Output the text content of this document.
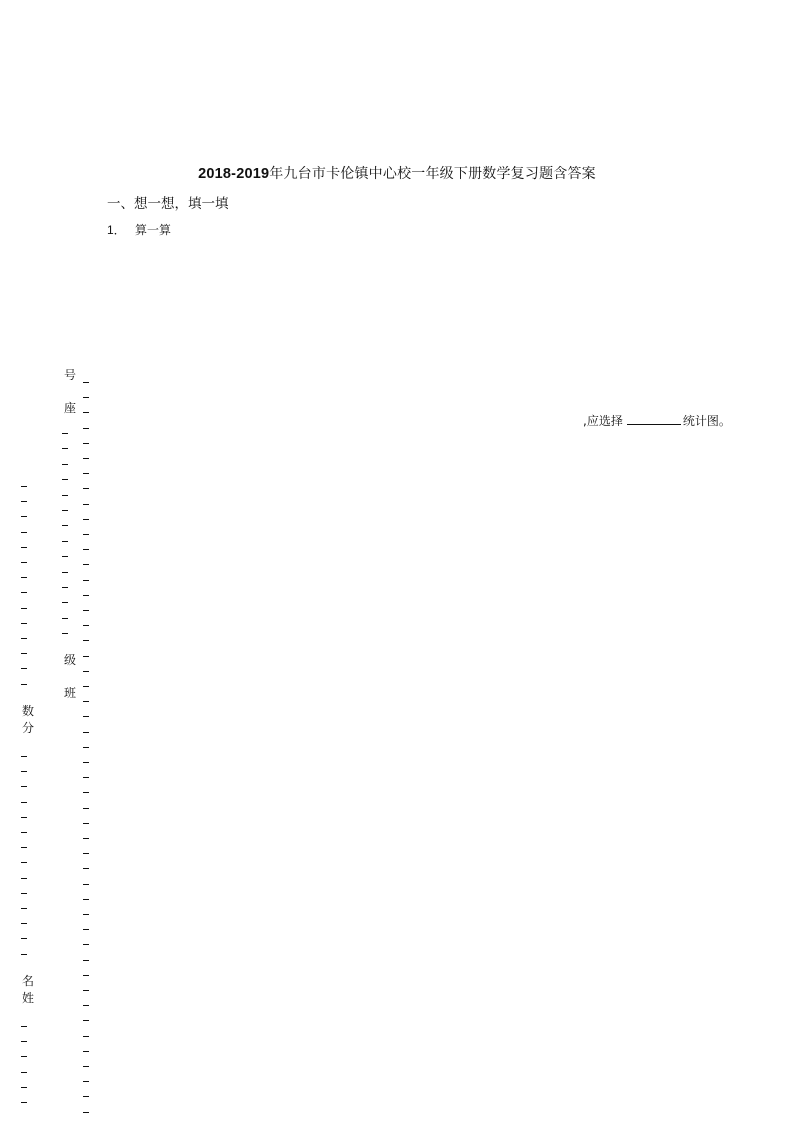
2018-2019年九台市卡伦镇中心校一年级下册数学复习题含答案
一、想一想，填一填
1． 算一算
,应选择	统计图。
号
座
级
班
数
分
名
姓
